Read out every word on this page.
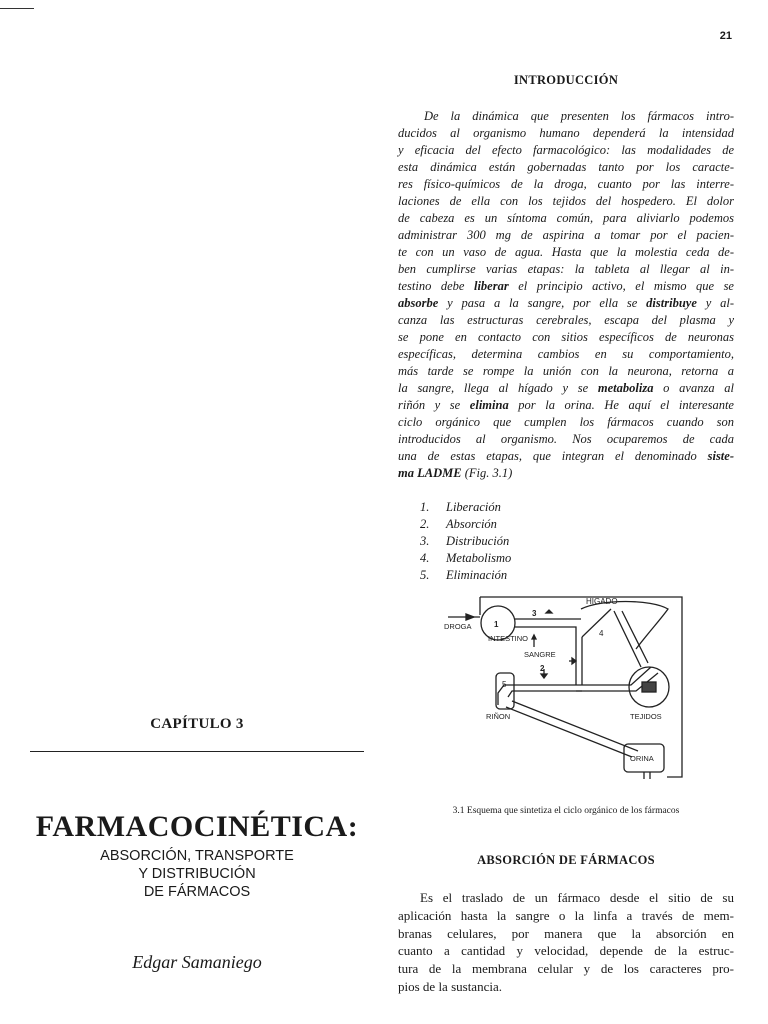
21
CAPÍTULO 3
FARMACOCINÉTICA:
ABSORCIÓN, TRANSPORTE
Y DISTRIBUCIÓN
DE FÁRMACOS
Edgar Samaniego
INTRODUCCIÓN
De la dinámica que presenten los fármacos intro-
ducidos al organismo humano dependerá la intensidad
y eficacia del efecto farmacológico: las modalidades de
esta dinámica están gobernadas tanto por los caracte-
res físico-químicos de la droga, cuanto por las interre-
laciones de ella con los tejidos del hospedero. El dolor
de cabeza es un síntoma común, para aliviarlo podemos
administrar 300 mg de aspirina a tomar por el pacien-
te con un vaso de agua. Hasta que la molestia ceda de-
ben cumplirse varias etapas: la tableta al llegar al in-
testino debe liberar el principio activo, el mismo que se
absorbe y pasa a la sangre, por ella se distribuye y al-
canza las estructuras cerebrales, escapa del plasma y
se pone en contacto con sitios específicos de neuronas
específicas, determina cambios en su comportamiento,
más tarde se rompe la unión con la neurona, retorna a
la sangre, llega al hígado y se metaboliza o avanza al
riñón y se elimina por la orina. He aquí el interesante
ciclo orgánico que cumplen los fármacos cuando son
introducidos al organismo. Nos ocuparemos de cada
una de estas etapas, que integran el denominado siste-
ma LADME (Fig. 3.1)
1. Liberación
2. Absorción
3. Distribución
4. Metabolismo
5. Eliminación
1
2
3
4
5
HIGADO
DROGA
INTESTINO
SANGRE
RIÑON	TEJIDOS
ORINA
3.1 Esquema que sintetiza el ciclo orgánico de los fármacos
ABSORCIÓN DE FÁRMACOS
Es el traslado de un fármaco desde el sitio de su
aplicación hasta la sangre o la linfa a través de mem-
branas celulares, por manera que la absorción en
cuanto a cantidad y velocidad, depende de la estruc-
tura de la membrana celular y de los caracteres pro-
pios de la sustancia.
